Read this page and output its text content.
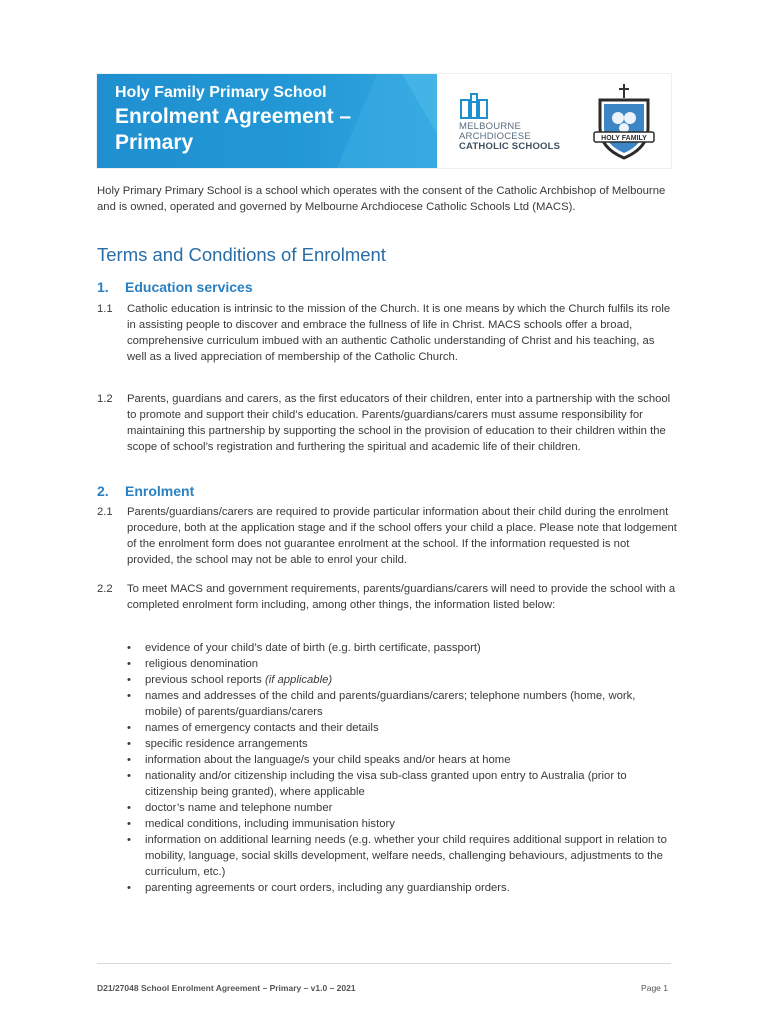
Holy Family Primary School
Enrolment Agreement –
Primary
MELBOURNE
ARCHDIOCESE
CATHOLIC SCHOOLS
HOLY FAMILY
Holy Primary Primary School is a school which operates with the consent of the Catholic Archbishop of Melbourne and is owned, operated and governed by Melbourne Archdiocese Catholic Schools Ltd (MACS).
Terms and Conditions of Enrolment
1. Education services
1.1	Catholic education is intrinsic to the mission of the Church. It is one means by which the Church fulfils its role in assisting people to discover and embrace the fullness of life in Christ. MACS schools offer a broad, comprehensive curriculum imbued with an authentic Catholic understanding of Christ and his teaching, as well as a lived appreciation of membership of the Catholic Church.
1.2	Parents, guardians and carers, as the first educators of their children, enter into a partnership with the school to promote and support their child’s education. Parents/guardians/carers must assume responsibility for maintaining this partnership by supporting the school in the provision of education to their children within the scope of school’s registration and furthering the spiritual and academic life of their children.
2. Enrolment
2.1	Parents/guardians/carers are required to provide particular information about their child during the enrolment procedure, both at the application stage and if the school offers your child a place. Please note that lodgement of the enrolment form does not guarantee enrolment at the school. If the information requested is not provided, the school may not be able to enrol your child.
2.2	To meet MACS and government requirements, parents/guardians/carers will need to provide the school with a completed enrolment form including, among other things, the information listed below:
• evidence of your child’s date of birth (e.g. birth certificate, passport)
• religious denomination
• previous school reports (if applicable)
• names and addresses of the child and parents/guardians/carers; telephone numbers (home, work, mobile) of parents/guardians/carers
• names of emergency contacts and their details
• specific residence arrangements
• information about the language/s your child speaks and/or hears at home
• nationality and/or citizenship including the visa sub-class granted upon entry to Australia (prior to citizenship being granted), where applicable
• doctor’s name and telephone number
• medical conditions, including immunisation history
• information on additional learning needs (e.g. whether your child requires additional support in relation to mobility, language, social skills development, welfare needs, challenging behaviours, adjustments to the curriculum, etc.)
• parenting agreements or court orders, including any guardianship orders.
D21/27048 School Enrolment Agreement – Primary – v1.0 – 2021	Page 1
